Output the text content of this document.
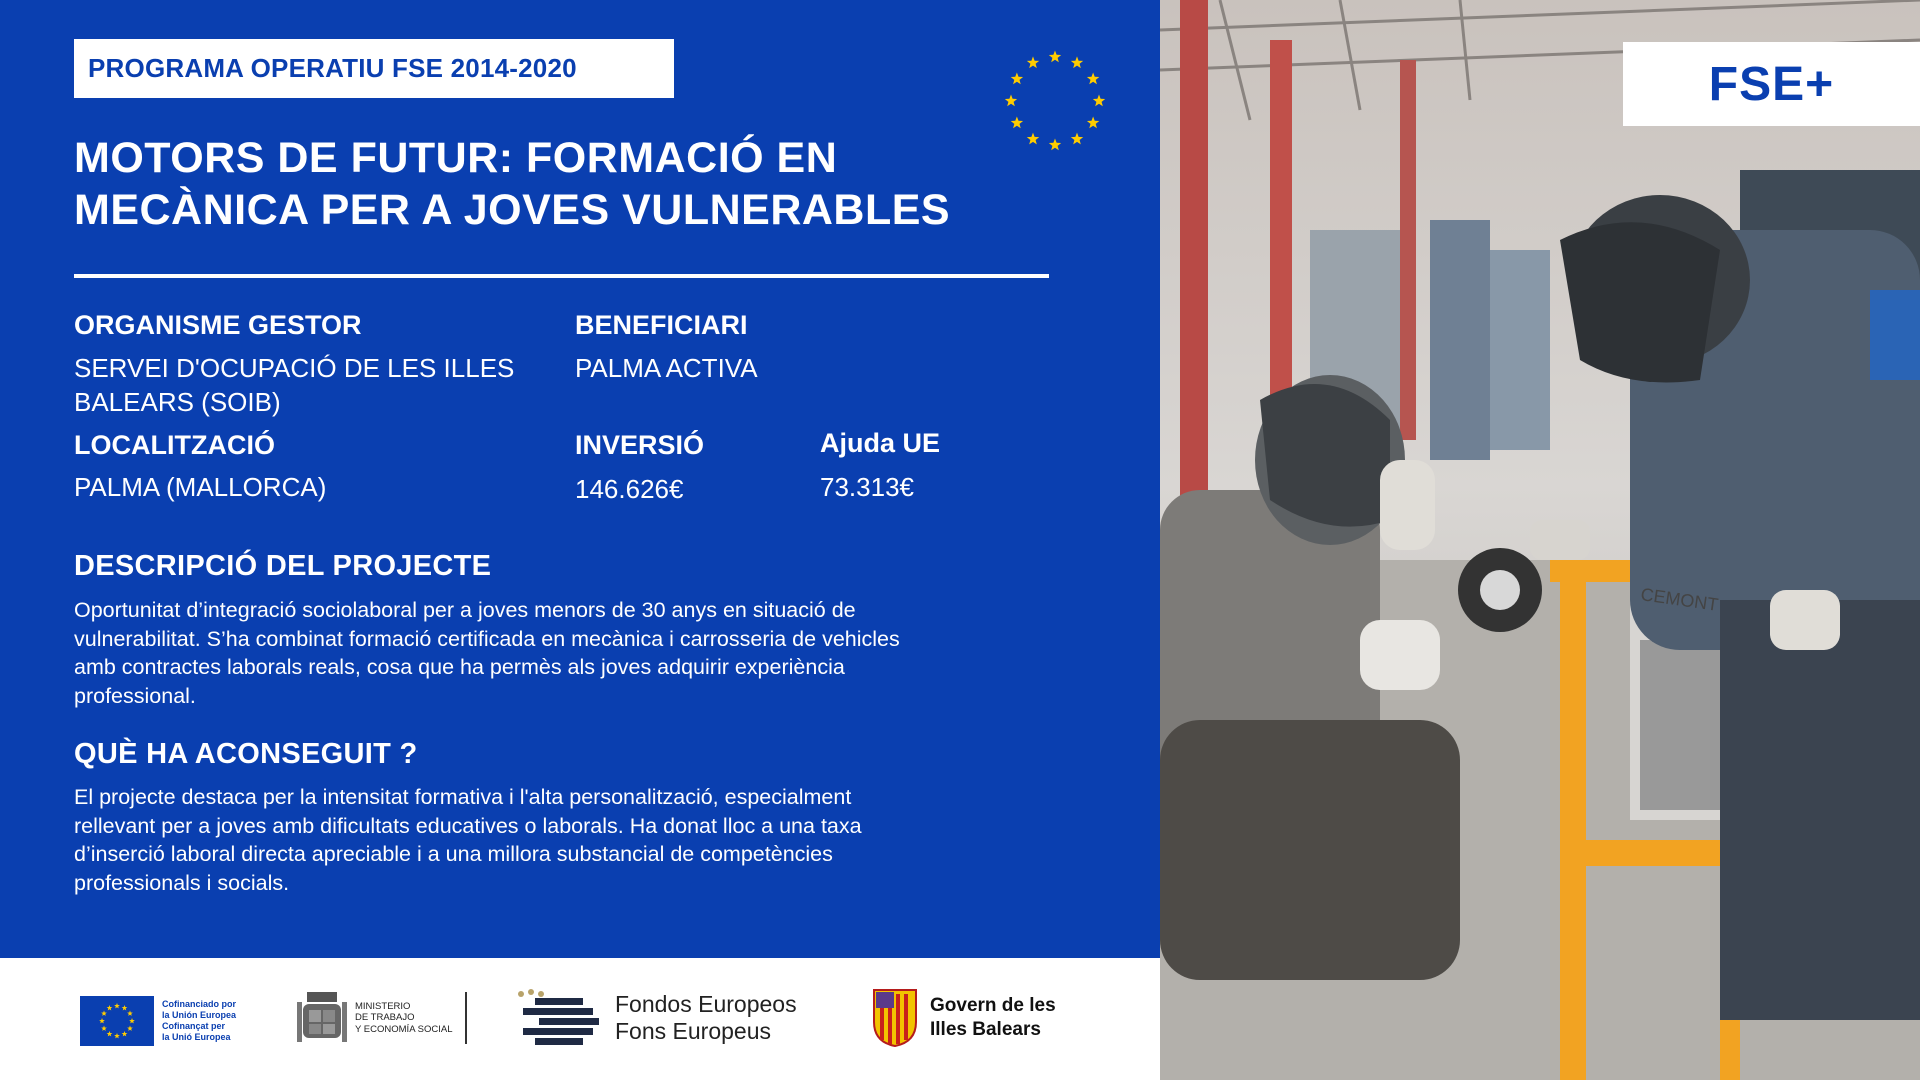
PROGRAMA OPERATIU FSE 2014-2020
MOTORS DE FUTUR: FORMACIÓ EN
MECÀNICA PER A JOVES VULNERABLES
ORGANISME GESTOR
SERVEI D'OCUPACIÓ DE LES ILLES
BALEARS (SOIB)
BENEFICIARI
PALMA ACTIVA
LOCALITZACIÓ
PALMA (MALLORCA)
INVERSIÓ
146.626€
Ajuda UE
73.313€
DESCRIPCIÓ DEL PROJECTE
Oportunitat d’integració sociolaboral per a joves menors de 30 anys en situació de
vulnerabilitat. S’ha combinat formació certificada en mecànica i carrosseria de vehicles
amb contractes laborals reals, cosa que ha permès als joves adquirir experiència
professional.
QUÈ HA ACONSEGUIT ?
El projecte destaca per la intensitat formativa i l'alta personalització, especialment
rellevant per a joves amb dificultats educatives o laborals. Ha donat lloc a una taxa
d’inserció laboral directa apreciable i a una millora substancial de competències
professionals i socials.
CEMONT
FSE+
Cofinanciado por
la Unión Europea
Cofinançat per
la Unió Europea
MINISTERIO
DE TRABAJO
Y ECONOMÍA SOCIAL
Fondos Europeos
Fons Europeus
Govern de les
Illes Balears
